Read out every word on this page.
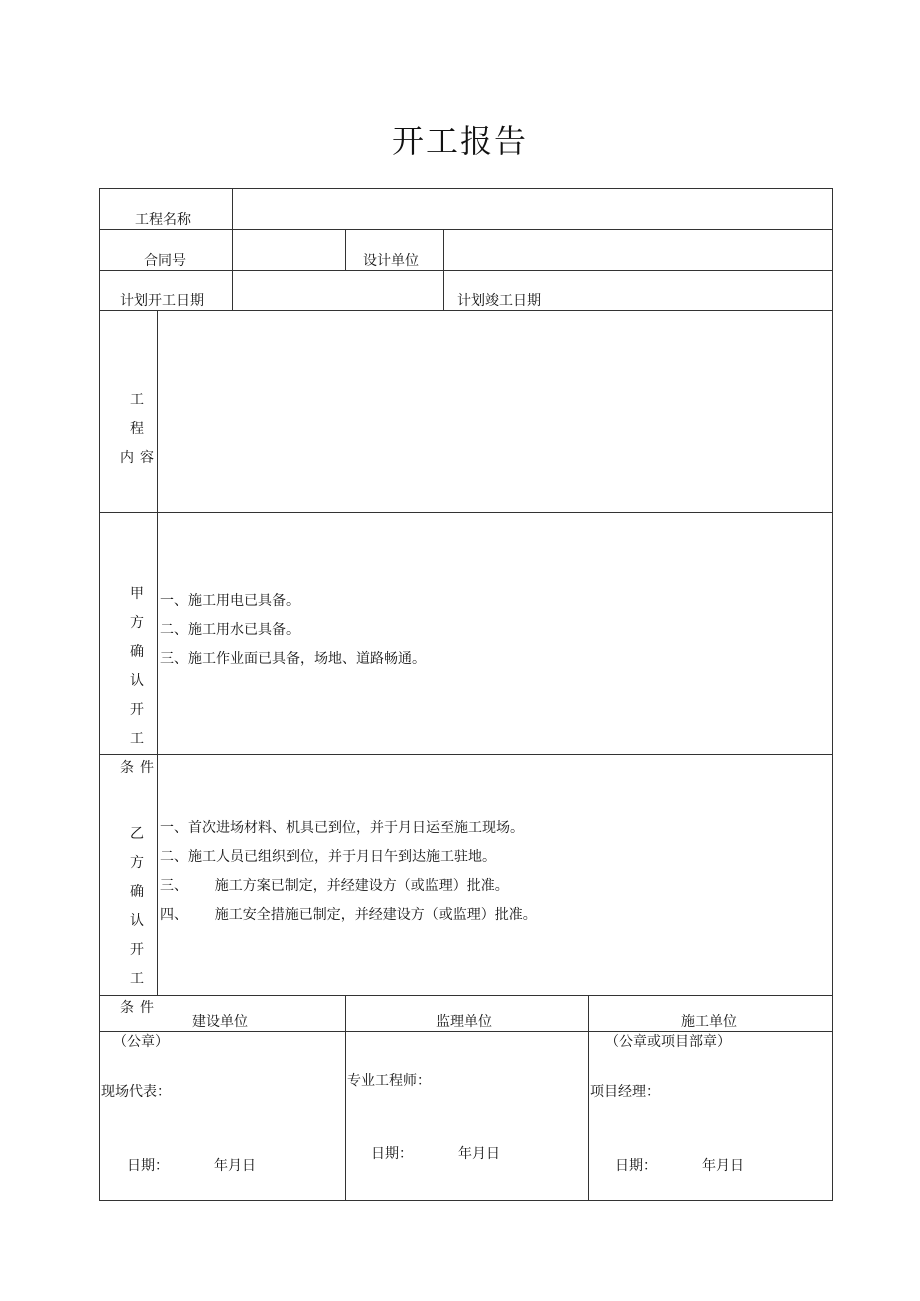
开工报告
工程名称
合同号	设计单位
计划开工日期	计划竣工日期
工 程
内容
甲 方
确 认
开 工
条件
一、施工用电已具备。
二、施工用水已具备。
三、施工作业面已具备，场地、道路畅通。
乙 方
确 认
开 工
条件
一、首次进场材料、机具已到位，并于月日运至施工现场。
二、施工人员已组织到位，并于月日午到达施工驻地。
三、      施工方案已制定，并经建设方（或监理）批准。
四、      施工安全措施已制定，并经建设方（或监理）批准。
建设单位	监理单位	施工单位
（公章）
现场代表：
日期：	年月日
专业工程师：
日期：	年月日
（公章或项目部章）
项目经理：
日期：	年月日
